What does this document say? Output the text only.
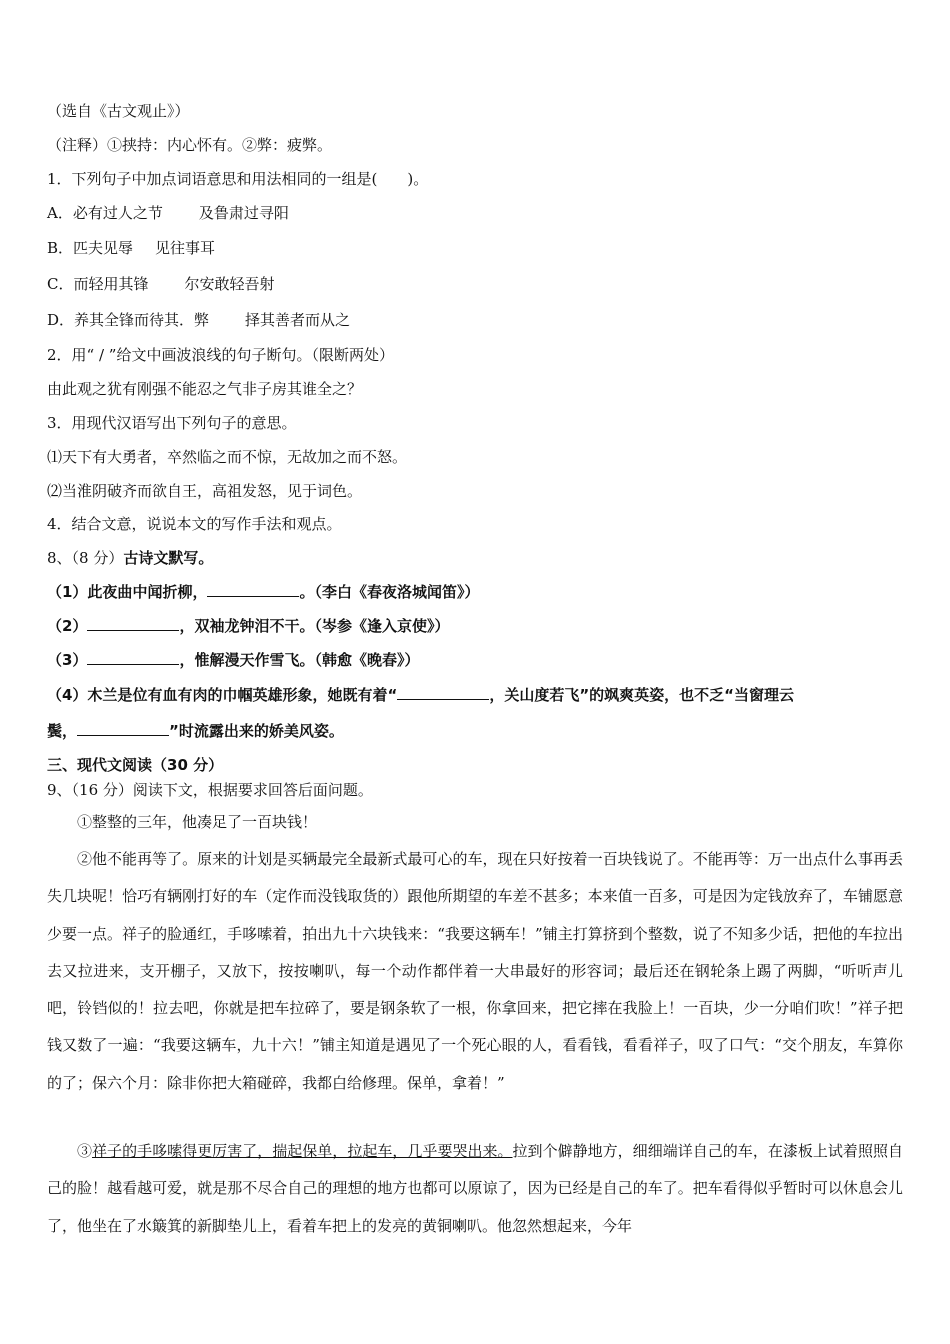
（选自《古文观止》）
（注释）①挟持：内心怀有。②弊：疲弊。
1．下列句子中加点词语意思和用法相同的一组是(　　)。
A．必有过人之节 及鲁肃过寻阳
B．匹夫见辱 见往事耳
C．而轻用其锋 尔安敢轻吾射
D．养其全锋而待其．弊 择其善者而从之
2．用“ / ”给文中画波浪线的句子断句。（限断两处）
由此观之犹有刚强不能忍之气非子房其谁全之？
3．用现代汉语写出下列句子的意思。
⑴天下有大勇者，卒然临之而不惊，无故加之而不怒。
⑵当淮阴破齐而欲自王，高祖发怒，见于词色。
4．结合文意，说说本文的写作手法和观点。
8、（8 分）古诗文默写。
（1）此夜曲中闻折柳，	。（李白《春夜洛城闻笛》）
（2）	，双袖龙钟泪不干。（岑参《逢入京使》）
（3）	，惟解漫天作雪飞。（韩愈《晚春》）
（4）木兰是位有血有肉的巾帼英雄形象，她既有着“	，关山度若飞”的飒爽英姿，也不乏“当窗理云
鬓，	”时流露出来的娇美风姿。
三、现代文阅读（30 分）
9、（16 分）阅读下文，根据要求回答后面问题。
①整整的三年，他凑足了一百块钱！
②他不能再等了。原来的计划是买辆最完全最新式最可心的车，现在只好按着一百块钱说了。不能再等：万一出点什么事再丢失几块呢！恰巧有辆刚打好的车（定作而没钱取货的）跟他所期望的车差不甚多；本来值一百多，可是因为定钱放弃了，车铺愿意少要一点。祥子的脸通红，手哆嗦着，拍出九十六块钱来：“我要这辆车！”铺主打算挤到个整数，说了不知多少话，把他的车拉出去又拉进来，支开棚子，又放下，按按喇叭，每一个动作都伴着一大串最好的形容词；最后还在钢轮条上踢了两脚，“听听声儿吧，铃铛似的！拉去吧，你就是把车拉碎了，要是钢条软了一根，你拿回来，把它摔在我脸上！一百块，少一分咱们吹！”祥子把钱又数了一遍：“我要这辆车，九十六！”铺主知道是遇见了一个死心眼的人，看看钱，看看祥子，叹了口气：“交个朋友，车算你的了；保六个月：除非你把大箱碰碎，我都白给修理。保单，拿着！”
③祥子的手哆嗦得更厉害了，揣起保单，拉起车，几乎要哭出来。拉到个僻静地方，细细端详自己的车，在漆板上试着照照自己的脸！越看越可爱，就是那不尽合自己的理想的地方也都可以原谅了，因为已经是自己的车了。把车看得似乎暂时可以休息会儿了，他坐在了水簸箕的新脚垫儿上，看着车把上的发亮的黄铜喇叭。他忽然想起来，今年
